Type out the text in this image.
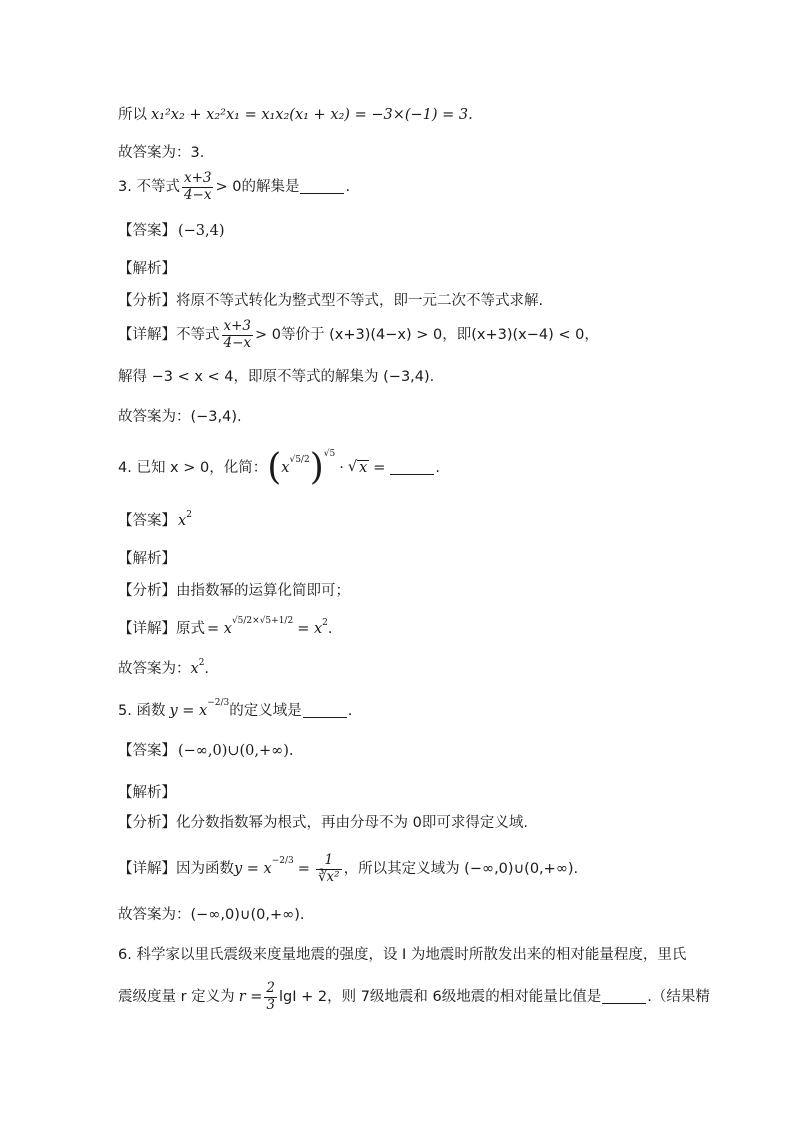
所以 x₁²x₂ + x₂²x₁ = x₁x₂(x₁ + x₂) = −3×(−1) = 3.
故答案为：3.
3. 不等式 $\frac{x+3}{4-x} > 0$的解集是	.
【答案】 (−3,4)
【解析】
【分析】将原不等式转化为整式型不等式，即一元二次不等式求解.
【详解】不等式 $\frac{x+3}{4-x} > 0$等价于 (x+3)(4−x) > 0，即(x+3)(x−4) < 0，
解得 −3 < x < 4，即原不等式的解集为 (−3,4).
故答案为：(−3,4).
4. 已知 x > 0，化简： ( x
$^{√5/2}$ )$^{√5}$
· √ x =	.
【答案】 $x^2$
【解析】
【分析】由指数幂的运算化简即可；
【详解】原式 = x
$^{√5/2\times√5+1/2}$
= $x^2$ .
故答案为： $x^2$ .
5. 函数 y = x
$^{-2/3}$
的定义域是	.
【答案】 (−∞,0)∪(0,+∞).
【解析】
【分析】化分数指数幂为根式，再由分母不为 0即可求得定义域.
【详解】因为函数 y = x
$^{-2/3}$
= $\frac{1}{\text{∛x²}}$ ，所以其定义域为 (−∞,0)∪(0,+∞).
故答案为：(−∞,0)∪(0,+∞).
6. 科学家以里氏震级来度量地震的强度，设 I 为地震时所散发出来的相对能量程度，里氏
震级度量 r 定义为 $r = \frac{2}{3}$ lgI + 2，则 7级地震和 6级地震的相对能量比值是	.（结果精
